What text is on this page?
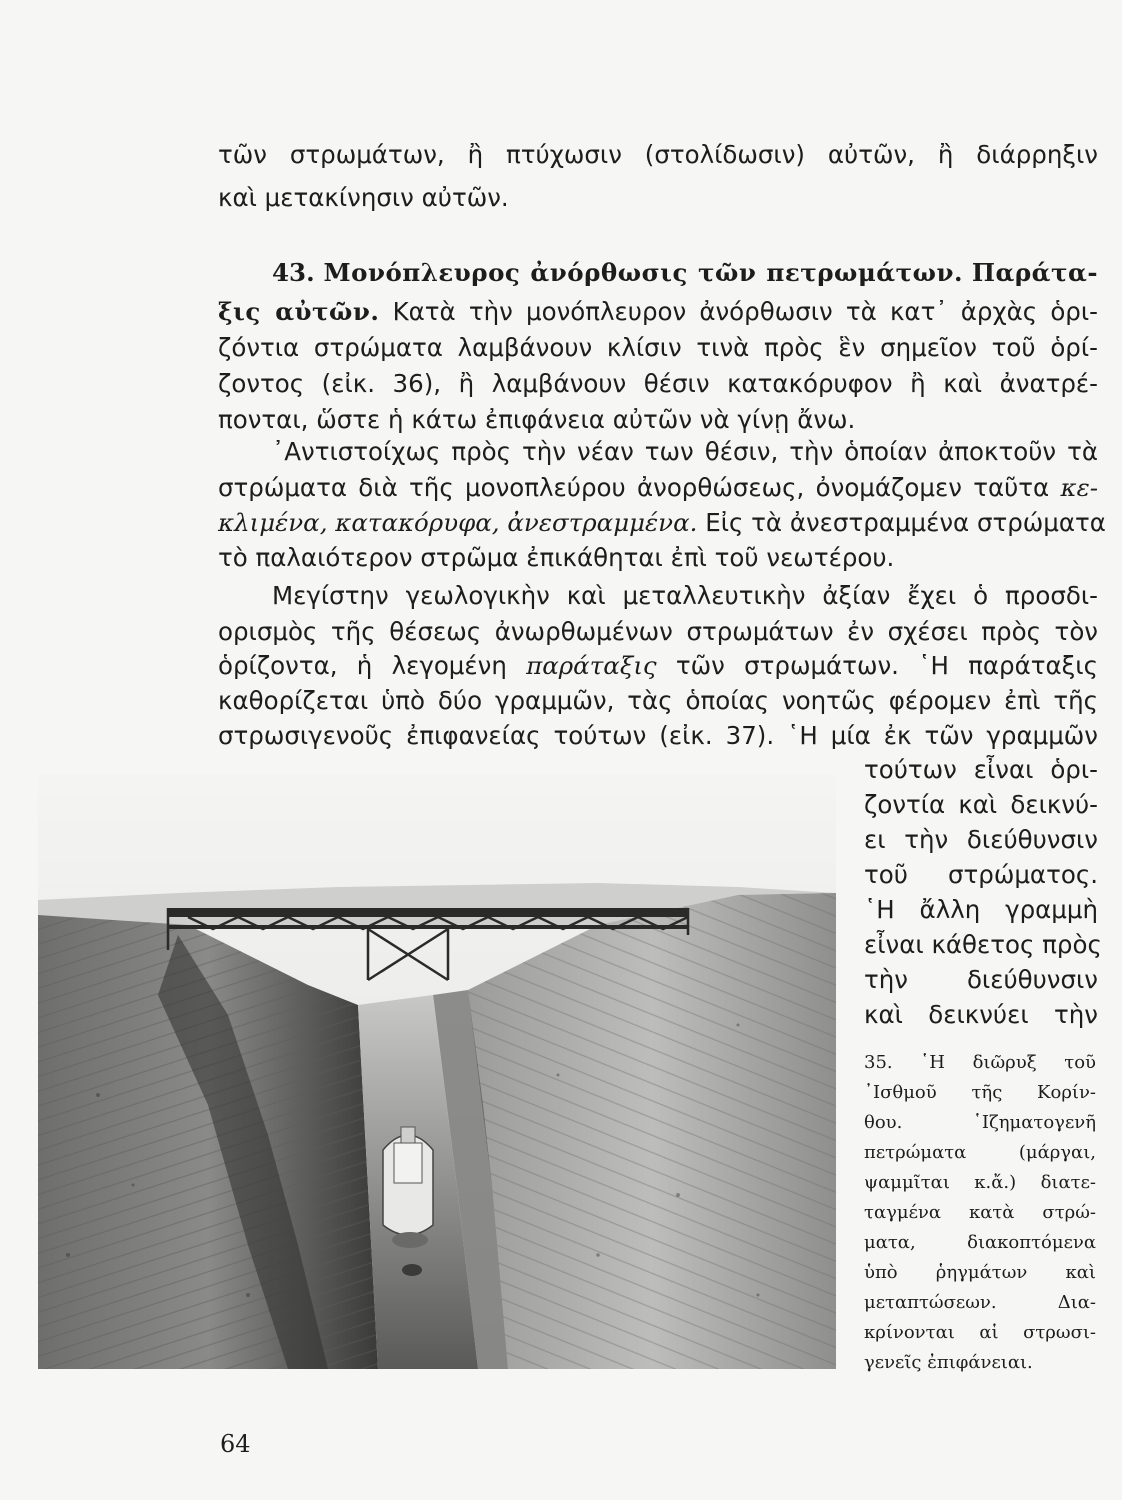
τῶν στρωμάτων, ἢ πτύχωσιν (στολίδωσιν) αὐτῶν, ἢ διάρρηξιν
καὶ μετακίνησιν αὐτῶν.
43. Μονόπλευρος ἀνόρθωσις τῶν πετρωμάτων. Παράτα-
ξις αὐτῶν. Κατὰ τὴν μονόπλευρον ἀνόρθωσιν τὰ κατ᾽ ἀρχὰς ὁρι-
ζόντια στρώματα λαμβάνουν κλίσιν τινὰ πρὸς ἓν σημεῖον τοῦ ὁρί-
ζοντος (εἰκ. 36), ἢ λαμβάνουν θέσιν κατακόρυφον ἢ καὶ ἀνατρέ-
πονται, ὥστε ἡ κάτω ἐπιφάνεια αὐτῶν νὰ γίνῃ ἄνω.
᾿Αντιστοίχως πρὸς τὴν νέαν των θέσιν, τὴν ὁποίαν ἀποκτοῦν τὰ
στρώματα διὰ τῆς μονοπλεύρου ἀνορθώσεως, ὀνομάζομεν ταῦτα κε-
κλιμένα, κατακόρυφα, ἀνεστραμμένα. Εἰς τὰ ἀνεστραμμένα στρώματα
τὸ παλαιότερον στρῶμα ἐπικάθηται ἐπὶ τοῦ νεωτέρου.
Μεγίστην γεωλογικὴν καὶ μεταλλευτικὴν ἀξίαν ἔχει ὁ προσδι-
ορισμὸς τῆς θέσεως ἀνωρθωμένων στρωμάτων ἐν σχέσει πρὸς τὸν
ὁρίζοντα, ἡ λεγομένη παράταξις τῶν στρωμάτων. ῾Η παράταξις
καθορίζεται ὑπὸ δύο γραμμῶν, τὰς ὁποίας νοητῶς φέρομεν ἐπὶ τῆς
στρωσιγενοῦς ἐπιφανείας τούτων (εἰκ. 37). ῾Η μία ἐκ τῶν γραμμῶν
τούτων εἶναι ὁρι-
ζοντία καὶ δεικνύ-
ει τὴν διεύθυνσιν
τοῦ στρώματος.
῾Η ἄλλη γραμμὴ
εἶναι κάθετος πρὸς
τὴν διεύθυνσιν
καὶ δεικνύει τὴν
35. ῾Η διῶρυξ τοῦ
᾿Ισθμοῦ τῆς Κορίν-
θου. ῾Ιζηματογενῆ
πετρώματα (μάργαι,
ψαμμῖται κ.ἄ.) διατε-
ταγμένα κατὰ στρώ-
ματα, διακοπτόμενα
ὑπὸ ῥηγμάτων καὶ
μεταπτώσεων. Δια-
κρίνονται αἱ στρωσι-
γενεῖς ἐπιφάνειαι.
64
